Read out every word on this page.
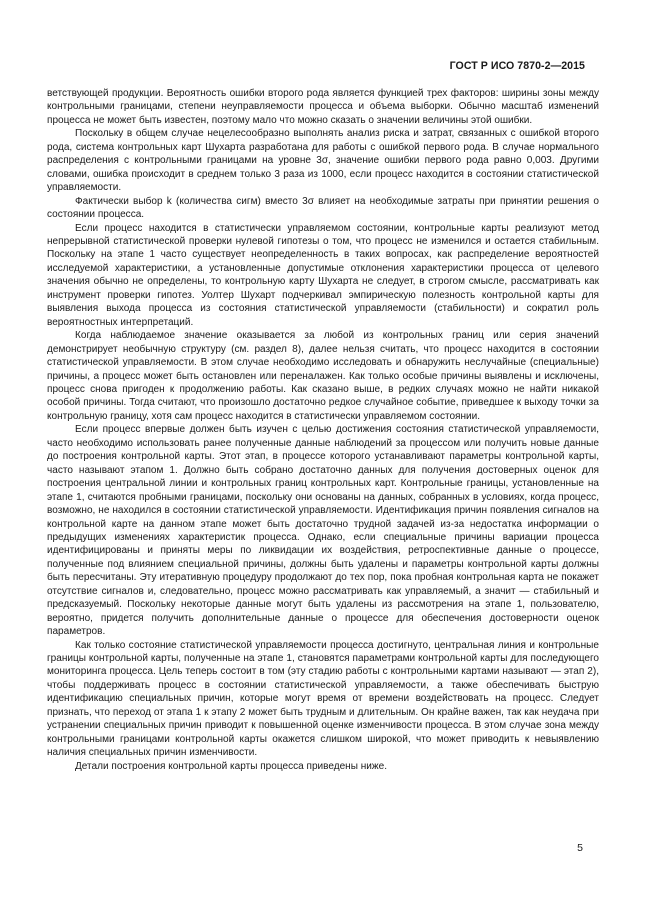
ГОСТ Р ИСО 7870-2—2015

ветствующей продукции. Вероятность ошибки второго рода является функцией трех факторов: ширины зоны между контрольными границами, степени неуправляемости процесса и объема выборки. Обычно масштаб изменений процесса не может быть известен, поэтому мало что можно сказать о значении величины этой ошибки.

Поскольку в общем случае нецелесообразно выполнять анализ риска и затрат, связанных с ошибкой второго рода, система контрольных карт Шухарта разработана для работы с ошибкой первого рода. В случае нормального распределения с контрольными границами на уровне 3σ, значение ошибки первого рода равно 0,003. Другими словами, ошибка происходит в среднем только 3 раза из 1000, если процесс находится в состоянии статистической управляемости.

Фактически выбор k (количества сигм) вместо 3σ влияет на необходимые затраты при принятии решения о состоянии процесса.

Если процесс находится в статистически управляемом состоянии, контрольные карты реализуют метод непрерывной статистической проверки нулевой гипотезы о том, что процесс не изменился и остается стабильным. Поскольку на этапе 1 часто существует неопределенность в таких вопросах, как распределение вероятностей исследуемой характеристики, а установленные допустимые отклонения характеристики процесса от целевого значения обычно не определены, то контрольную карту Шухарта не следует, в строгом смысле, рассматривать как инструмент проверки гипотез. Уолтер Шухарт подчеркивал эмпирическую полезность контрольной карты для выявления выхода процесса из состояния статистической управляемости (стабильности) и сократил роль вероятностных интерпретаций.

Когда наблюдаемое значение оказывается за любой из контрольных границ или серия значений демонстрирует необычную структуру (см. раздел 8), далее нельзя считать, что процесс находится в состоянии статистической управляемости. В этом случае необходимо исследовать и обнаружить неслучайные (специальные) причины, а процесс может быть остановлен или переналажен. Как только особые причины выявлены и исключены, процесс снова пригоден к продолжению работы. Как сказано выше, в редких случаях можно не найти никакой особой причины. Тогда считают, что произошло достаточно редкое случайное событие, приведшее к выходу точки за контрольную границу, хотя сам процесс находится в статистически управляемом состоянии.

Если процесс впервые должен быть изучен с целью достижения состояния статистической управляемости, часто необходимо использовать ранее полученные данные наблюдений за процессом или получить новые данные до построения контрольной карты. Этот этап, в процессе которого устанавливают параметры контрольной карты, часто называют этапом 1. Должно быть собрано достаточно данных для получения достоверных оценок для построения центральной линии и контрольных границ контрольных карт. Контрольные границы, установленные на этапе 1, считаются пробными границами, поскольку они основаны на данных, собранных в условиях, когда процесс, возможно, не находился в состоянии статистической управляемости. Идентификация причин появления сигналов на контрольной карте на данном этапе может быть достаточно трудной задачей из-за недостатка информации о предыдущих изменениях характеристик процесса. Однако, если специальные причины вариации процесса идентифицированы и приняты меры по ликвидации их воздействия, ретроспективные данные о процессе, полученные под влиянием специальной причины, должны быть удалены и параметры контрольной карты должны быть пересчитаны. Эту итеративную процедуру продолжают до тех пор, пока пробная контрольная карта не покажет отсутствие сигналов и, следовательно, процесс можно рассматривать как управляемый, а значит — стабильный и предсказуемый. Поскольку некоторые данные могут быть удалены из рассмотрения на этапе 1, пользователю, вероятно, придется получить дополнительные данные о процессе для обеспечения достоверности оценок параметров.

Как только состояние статистической управляемости процесса достигнуто, центральная линия и контрольные границы контрольной карты, полученные на этапе 1, становятся параметрами контрольной карты для последующего мониторинга процесса. Цель теперь состоит в том (эту стадию работы с контрольными картами называют — этап 2), чтобы поддерживать процесс в состоянии статистической управляемости, а также обеспечивать быструю идентификацию специальных причин, которые могут время от времени воздействовать на процесс. Следует признать, что переход от этапа 1 к этапу 2 может быть трудным и длительным. Он крайне важен, так как неудача при устранении специальных причин приводит к повышенной оценке изменчивости процесса. В этом случае зона между контрольными границами контрольной карты окажется слишком широкой, что может приводить к невыявлению наличия специальных причин изменчивости.

Детали построения контрольной карты процесса приведены ниже.

5
